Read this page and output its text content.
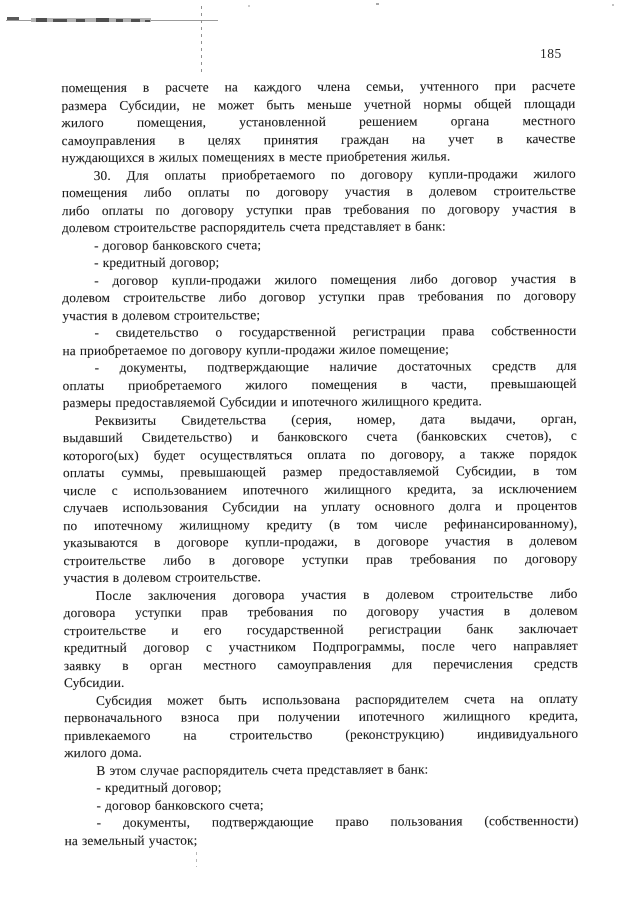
185
помещения в расчете на каждого члена семьи, учтенного при расчете
размера Субсидии, не может быть меньше учетной нормы общей площади
жилого помещения, установленной решением органа местного
самоуправления в целях принятия граждан на учет в качестве
нуждающихся в жилых помещениях в месте приобретения жилья.
30. Для оплаты приобретаемого по договору купли-продажи жилого
помещения либо оплаты по договору участия в долевом строительстве
либо оплаты по договору уступки прав требования по договору участия в
долевом строительстве распорядитель счета представляет в банк:
- договор банковского счета;
- кредитный договор;
- договор купли-продажи жилого помещения либо договор участия в
долевом строительстве либо договор уступки прав требования по договору
участия в долевом строительстве;
- свидетельство о государственной регистрации права собственности
на приобретаемое по договору купли-продажи жилое помещение;
- документы, подтверждающие наличие достаточных средств для
оплаты приобретаемого жилого помещения в части, превышающей
размеры предоставляемой Субсидии и ипотечного жилищного кредита.
Реквизиты Свидетельства (серия, номер, дата выдачи, орган,
выдавший Свидетельство) и банковского счета (банковских счетов), с
которого(ых) будет осуществляться оплата по договору, а также порядок
оплаты суммы, превышающей размер предоставляемой Субсидии, в том
числе с использованием ипотечного жилищного кредита, за исключением
случаев использования Субсидии на уплату основного долга и процентов
по ипотечному жилищному кредиту (в том числе рефинансированному),
указываются в договоре купли-продажи, в договоре участия в долевом
строительстве либо в договоре уступки прав требования по договору
участия в долевом строительстве.
После заключения договора участия в долевом строительстве либо
договора уступки прав требования по договору участия в долевом
строительстве и его государственной регистрации банк заключает
кредитный договор с участником Подпрограммы, после чего направляет
заявку в орган местного самоуправления для перечисления средств
Субсидии.
Субсидия может быть использована распорядителем счета на оплату
первоначального взноса при получении ипотечного жилищного кредита,
привлекаемого на строительство (реконструкцию) индивидуального
жилого дома.
В этом случае распорядитель счета представляет в банк:
- кредитный договор;
- договор банковского счета;
- документы, подтверждающие право пользования (собственности)
на земельный участок;
